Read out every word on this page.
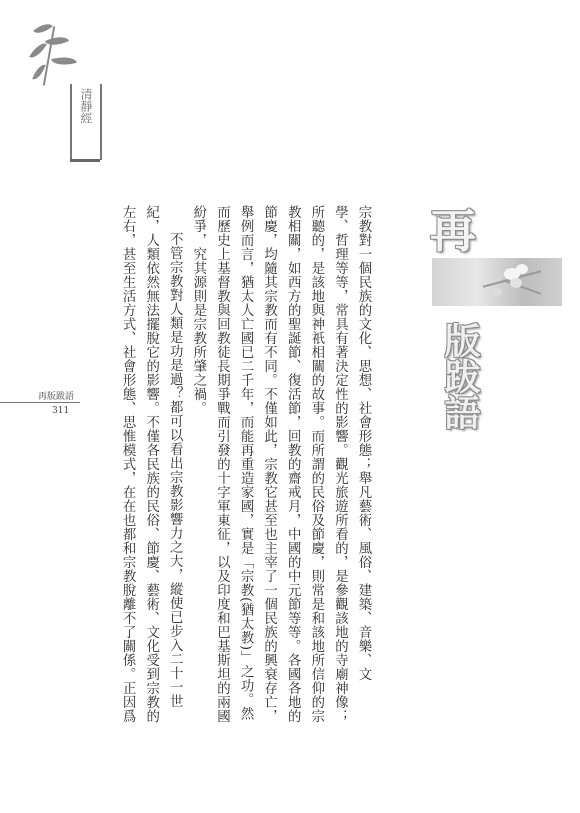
清靜經
再
版跋語
再版跋語
311	宗教對一個民族的文化、思想、社會形態；舉凡藝術、風俗、建築、音樂、文
學、哲理等等，常具有著決定性的影響。觀光旅遊所看的，是參觀該地的寺廟神像；
所聽的，是該地與神祇相關的故事。而所謂的民俗及節慶，則常是和該地所信仰的宗
教相關，如西方的聖誕節、復活節，回教的齋戒月，中國的中元節等等。各國各地的
節慶，均隨其宗教而有不同。不僅如此，宗教它甚至也主宰了一個民族的興衰存亡，
舉例而言，猶太人亡國已二千年，而能再重造家國，實是「宗教(猶太教)」之功。然
而歷史上基督教與回教徒長期爭戰而引發的十字軍東征，以及印度和巴基斯坦的兩國
紛爭，究其源則是宗教所肇之禍。
不管宗教對人類是功是過？都可以看出宗教影響力之大，縱使已步入二十一世
紀，人類依然無法擺脫它的影響。不僅各民族的民俗、節慶、藝術、文化受到宗教的
左右，甚至生活方式、社會形態、思惟模式，在在也都和宗教脫離不了關係。正因爲
